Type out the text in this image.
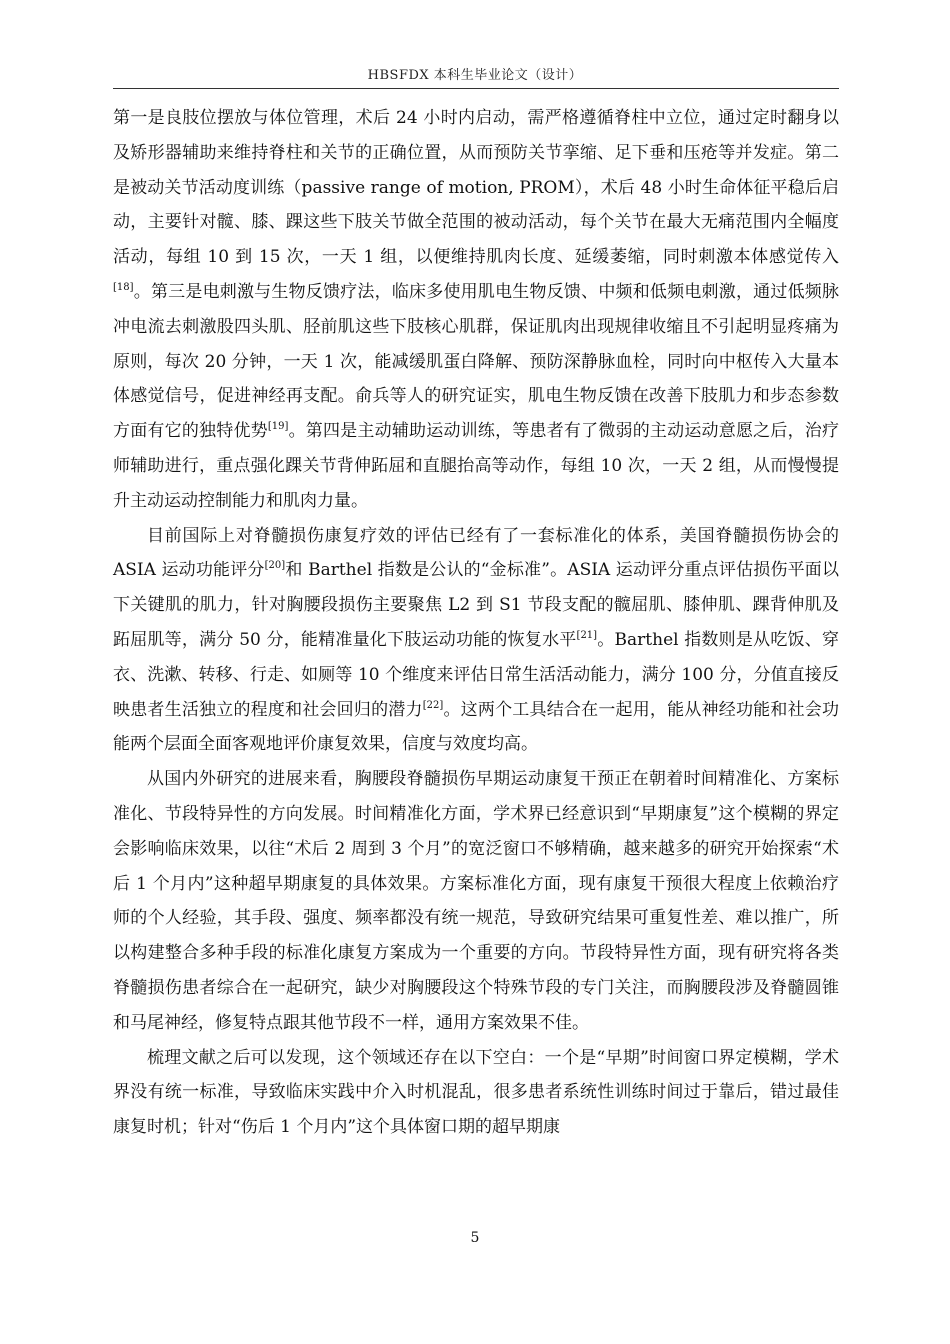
HBSFDX 本科生毕业论文（设计）

第一是良肢位摆放与体位管理，术后 24 小时内启动，需严格遵循脊柱中立位，通过定时翻身以及矫形器辅助来维持脊柱和关节的正确位置，从而预防关节挛缩、足下垂和压疮等并发症。第二是被动关节活动度训练（passive range of motion, PROM），术后 48 小时生命体征平稳后启动，主要针对髋、膝、踝这些下肢关节做全范围的被动活动，每个关节在最大无痛范围内全幅度活动，每组 10 到 15 次，一天 1 组，以便维持肌肉长度、延缓萎缩，同时刺激本体感觉传入[18]。第三是电刺激与生物反馈疗法，临床多使用肌电生物反馈、中频和低频电刺激，通过低频脉冲电流去刺激股四头肌、胫前肌这些下肢核心肌群，保证肌肉出现规律收缩且不引起明显疼痛为原则，每次 20 分钟，一天 1 次，能减缓肌蛋白降解、预防深静脉血栓，同时向中枢传入大量本体感觉信号，促进神经再支配。俞兵等人的研究证实，肌电生物反馈在改善下肢肌力和步态参数方面有它的独特优势[19]。第四是主动辅助运动训练，等患者有了微弱的主动运动意愿之后，治疗师辅助进行，重点强化踝关节背伸跖屈和直腿抬高等动作，每组 10 次，一天 2 组，从而慢慢提升主动运动控制能力和肌肉力量。

目前国际上对脊髓损伤康复疗效的评估已经有了一套标准化的体系，美国脊髓损伤协会的 ASIA 运动功能评分[20]和 Barthel 指数是公认的“金标准”。ASIA 运动评分重点评估损伤平面以下关键肌的肌力，针对胸腰段损伤主要聚焦 L2 到 S1 节段支配的髋屈肌、膝伸肌、踝背伸肌及跖屈肌等，满分 50 分，能精准量化下肢运动功能的恢复水平[21]。Barthel 指数则是从吃饭、穿衣、洗漱、转移、行走、如厕等 10 个维度来评估日常生活活动能力，满分 100 分，分值直接反映患者生活独立的程度和社会回归的潜力[22]。这两个工具结合在一起用，能从神经功能和社会功能两个层面全面客观地评价康复效果，信度与效度均高。

从国内外研究的进展来看，胸腰段脊髓损伤早期运动康复干预正在朝着时间精准化、方案标准化、节段特异性的方向发展。时间精准化方面，学术界已经意识到“早期康复”这个模糊的界定会影响临床效果，以往“术后 2 周到 3 个月”的宽泛窗口不够精确，越来越多的研究开始探索“术后 1 个月内”这种超早期康复的具体效果。方案标准化方面，现有康复干预很大程度上依赖治疗师的个人经验，其手段、强度、频率都没有统一规范，导致研究结果可重复性差、难以推广，所以构建整合多种手段的标准化康复方案成为一个重要的方向。节段特异性方面，现有研究将各类脊髓损伤患者综合在一起研究，缺少对胸腰段这个特殊节段的专门关注，而胸腰段涉及脊髓圆锥和马尾神经，修复特点跟其他节段不一样，通用方案效果不佳。

梳理文献之后可以发现，这个领域还存在以下空白：一个是“早期”时间窗口界定模糊，学术界没有统一标准，导致临床实践中介入时机混乱，很多患者系统性训练时间过于靠后，错过最佳康复时机；针对“伤后 1 个月内”这个具体窗口期的超早期康

5
